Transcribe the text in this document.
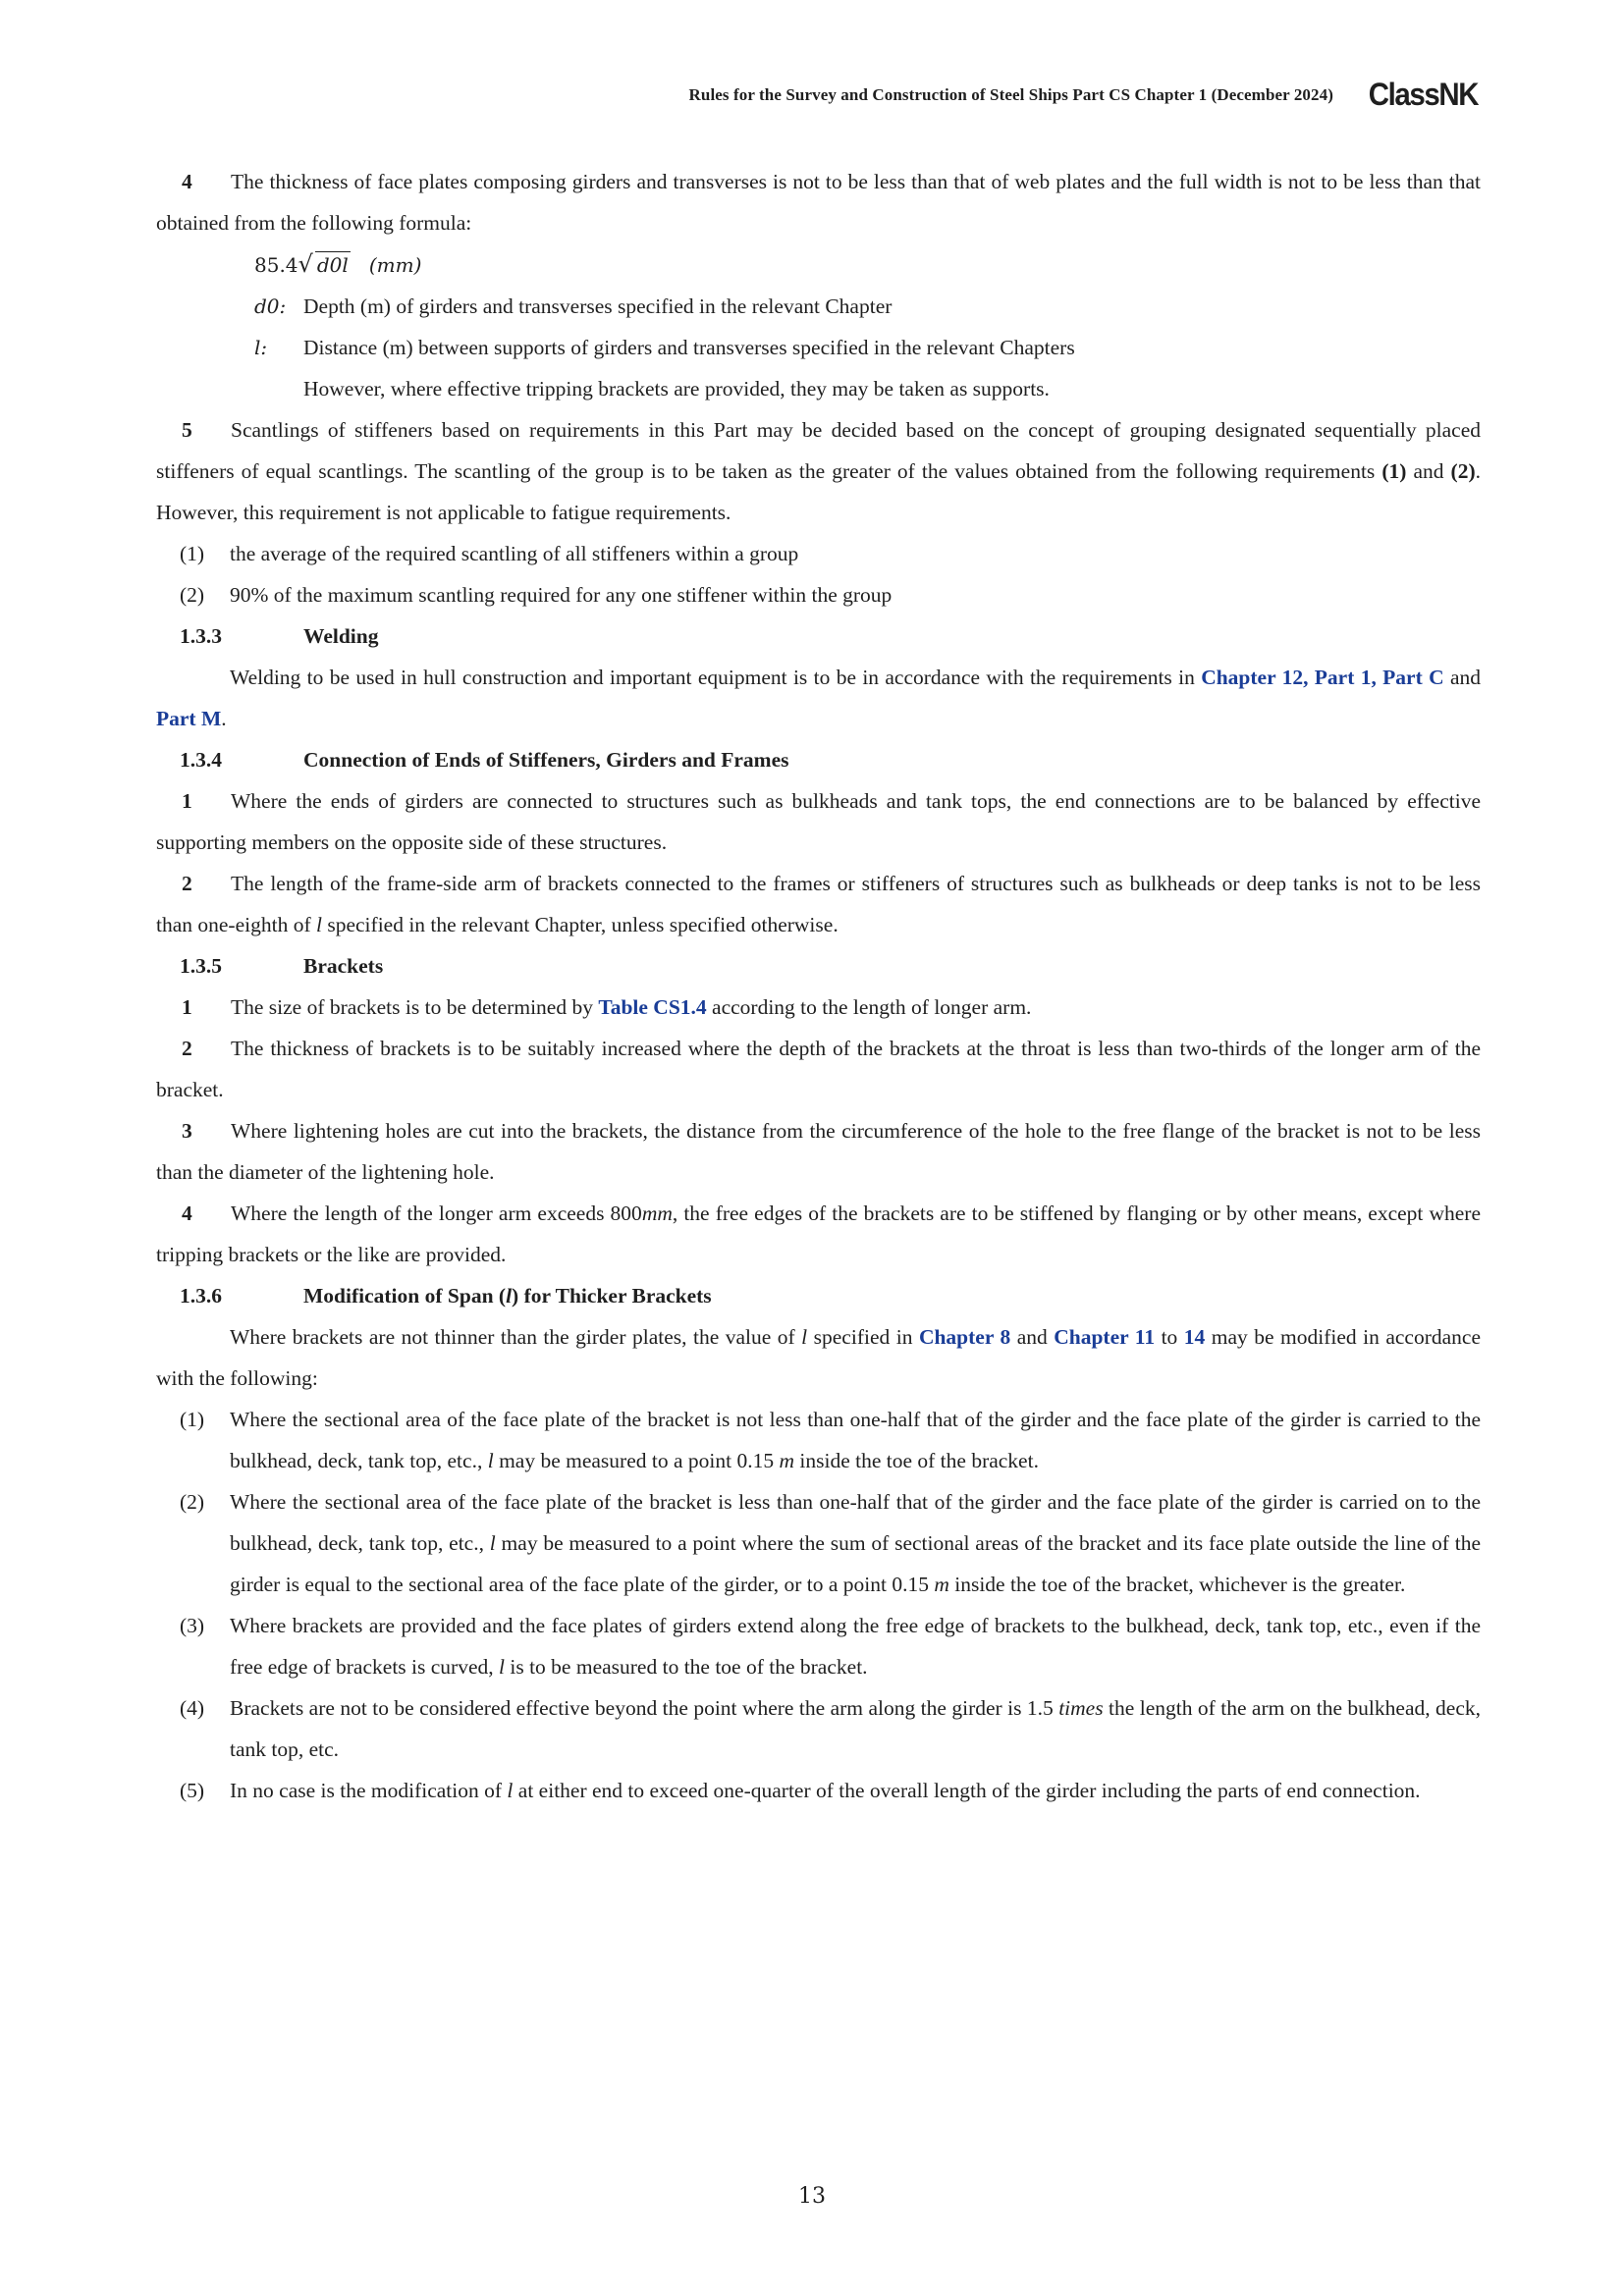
Rules for the Survey and Construction of Steel Ships Part CS Chapter 1 (December 2024) ClassNK

4 The thickness of face plates composing girders and transverses is not to be less than that of web plates and the full width is not to be less than that obtained from the following formula:

85.4√ d0l (mm)

d0: Depth (m) of girders and transverses specified in the relevant Chapter

l: Distance (m) between supports of girders and transverses specified in the relevant Chapters

However, where effective tripping brackets are provided, they may be taken as supports.

5 Scantlings of stiffeners based on requirements in this Part may be decided based on the concept of grouping designated sequentially placed stiffeners of equal scantlings. The scantling of the group is to be taken as the greater of the values obtained from the following requirements (1) and (2). However, this requirement is not applicable to fatigue requirements.

(1) the average of the required scantling of all stiffeners within a group

(2) 90% of the maximum scantling required for any one stiffener within the group

1.3.3	Welding

Welding to be used in hull construction and important equipment is to be in accordance with the requirements in Chapter 12, Part 1, Part C and Part M.

1.3.4	Connection of Ends of Stiffeners, Girders and Frames

1 Where the ends of girders are connected to structures such as bulkheads and tank tops, the end connections are to be balanced by effective supporting members on the opposite side of these structures.

2 The length of the frame-side arm of brackets connected to the frames or stiffeners of structures such as bulkheads or deep tanks is not to be less than one-eighth of l specified in the relevant Chapter, unless specified otherwise.

1.3.5	Brackets

1 The size of brackets is to be determined by Table CS1.4 according to the length of longer arm.

2 The thickness of brackets is to be suitably increased where the depth of the brackets at the throat is less than two-thirds of the longer arm of the bracket.

3 Where lightening holes are cut into the brackets, the distance from the circumference of the hole to the free flange of the bracket is not to be less than the diameter of the lightening hole.

4 Where the length of the longer arm exceeds 800mm, the free edges of the brackets are to be stiffened by flanging or by other means, except where tripping brackets or the like are provided.

1.3.6	Modification of Span (l) for Thicker Brackets

Where brackets are not thinner than the girder plates, the value of l specified in Chapter 8 and Chapter 11 to 14 may be modified in accordance with the following:

(1) Where the sectional area of the face plate of the bracket is not less than one-half that of the girder and the face plate of the girder is carried to the bulkhead, deck, tank top, etc., l may be measured to a point 0.15 m inside the toe of the bracket.

(2) Where the sectional area of the face plate of the bracket is less than one-half that of the girder and the face plate of the girder is carried on to the bulkhead, deck, tank top, etc., l may be measured to a point where the sum of sectional areas of the bracket and its face plate outside the line of the girder is equal to the sectional area of the face plate of the girder, or to a point 0.15 m inside the toe of the bracket, whichever is the greater.

(3) Where brackets are provided and the face plates of girders extend along the free edge of brackets to the bulkhead, deck, tank top, etc., even if the free edge of brackets is curved, l is to be measured to the toe of the bracket.

(4) Brackets are not to be considered effective beyond the point where the arm along the girder is 1.5 times the length of the arm on the bulkhead, deck, tank top, etc.

(5) In no case is the modification of l at either end to exceed one-quarter of the overall length of the girder including the parts of end connection.

13
